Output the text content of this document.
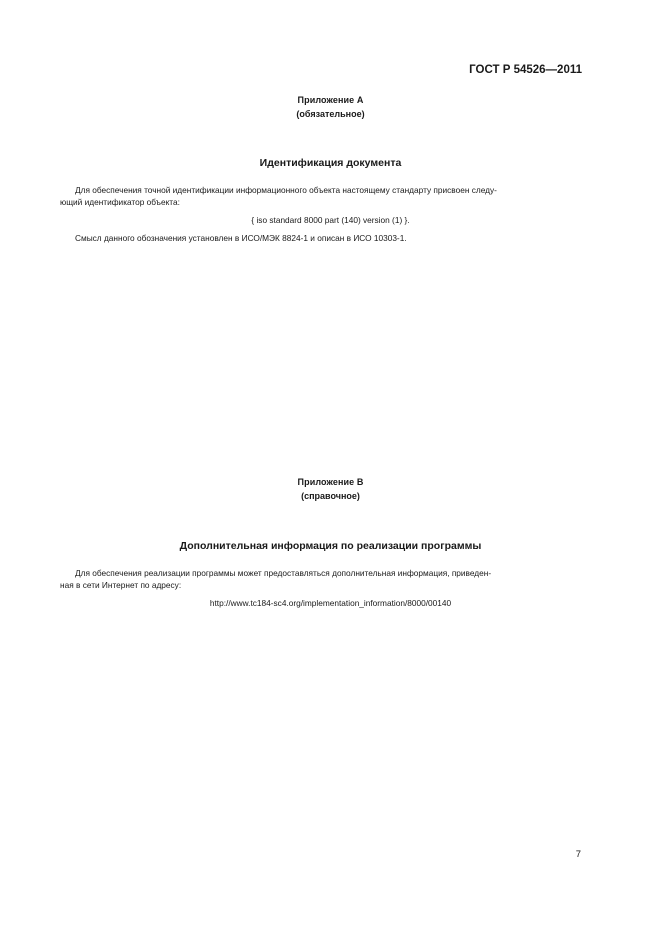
ГОСТ Р 54526—2011
Приложение A
(обязательное)
Идентификация документа
Для обеспечения точной идентификации информационного объекта настоящему стандарту присвоен следу-
ющий идентификатор объекта:
{ iso standard 8000 part (140) version (1) }.
Смысл данного обозначения установлен в ИСО/МЭК 8824-1 и описан в ИСО 10303-1.
Приложение B
(справочное)
Дополнительная информация по реализации программы
Для обеспечения реализации программы может предоставляться дополнительная информация, приведен-
ная в сети Интернет по адресу:
http://www.tc184-sc4.org/implementation_information/8000/00140
7
